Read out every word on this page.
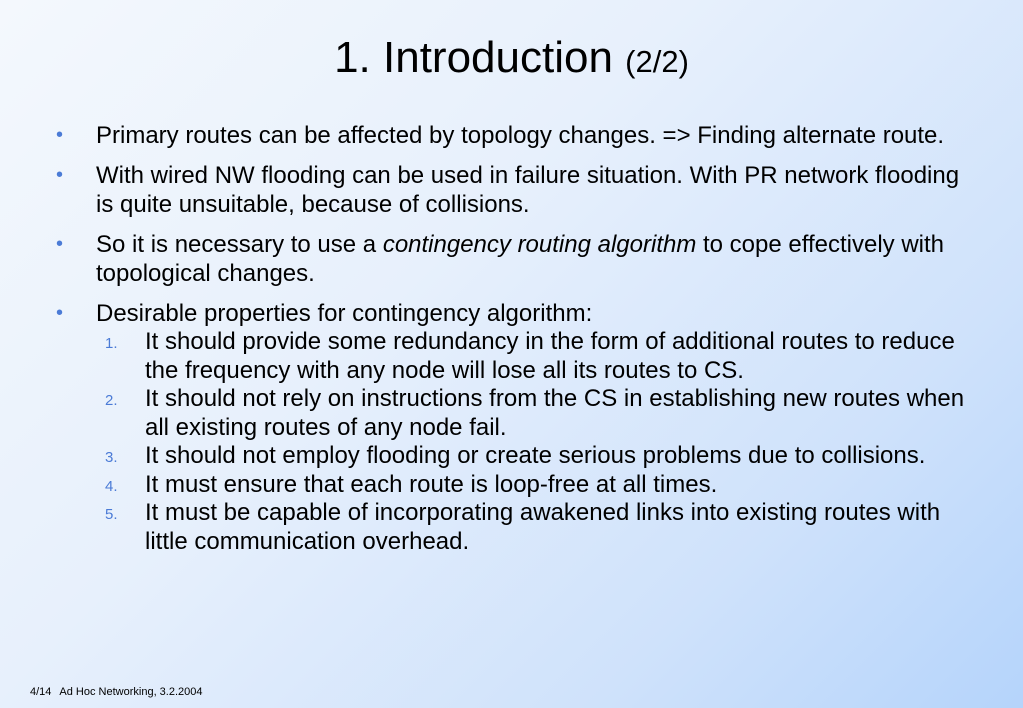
1. Introduction (2/2)
• Primary routes can be affected by topology changes. => Finding alternate route.
• With wired NW flooding can be used in failure situation. With PR network flooding is quite unsuitable, because of collisions.
• So it is necessary to use a contingency routing algorithm to cope effectively with topological changes.
• Desirable properties for contingency algorithm:
1. It should provide some redundancy in the form of additional routes to reduce the frequency with any node will lose all its routes to CS.
2. It should not rely on instructions from the CS in establishing new routes when all existing routes of any node fail.
3. It should not employ flooding or create serious problems due to collisions.
4. It must ensure that each route is loop-free at all times.
5. It must be capable of incorporating awakened links into existing routes with little communication overhead.
4/14 Ad Hoc Networking, 3.2.2004
